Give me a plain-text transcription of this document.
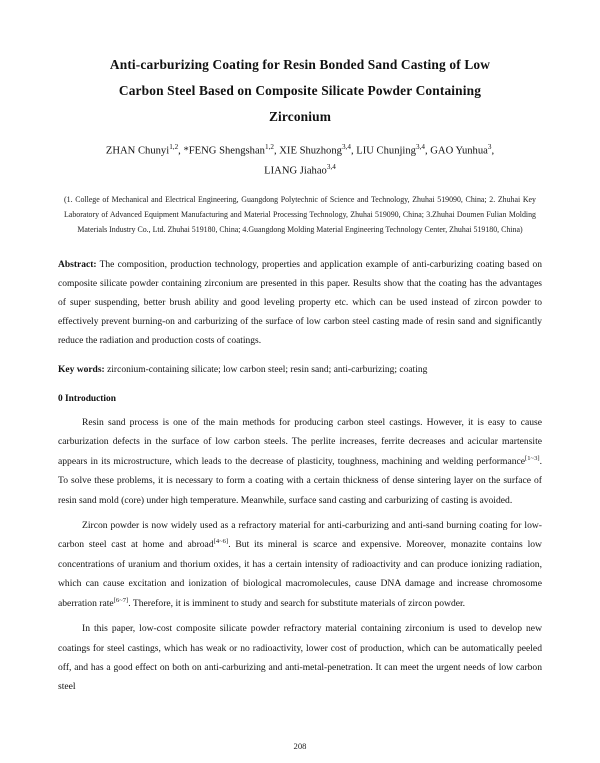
Anti-carburizing Coating for Resin Bonded Sand Casting of Low
Carbon Steel Based on Composite Silicate Powder Containing
Zirconium
ZHAN Chunyi$^{1,2}$, *FENG Shengshan$^{1,2}$, XIE Shuzhong$^{3,4}$, LIU Chunjing$^{3,4}$, GAO Yunhua$^3$,
LIANG Jiahao$^{3,4}$
(1. College of Mechanical and Electrical Engineering, Guangdong Polytechnic of Science and Technology, Zhuhai 519090, China; 2. Zhuhai Key Laboratory of Advanced Equipment Manufacturing and Material Processing Technology, Zhuhai 519090, China; 3.Zhuhai Doumen Fulian Molding Materials Industry Co., Ltd. Zhuhai 519180, China; 4.Guangdong Molding Material Engineering Technology Center, Zhuhai 519180, China)
Abstract: The composition, production technology, properties and application example of anti-carburizing coating based on composite silicate powder containing zirconium are presented in this paper. Results show that the coating has the advantages of super suspending, better brush ability and good leveling property etc. which can be used instead of zircon powder to effectively prevent burning-on and carburizing of the surface of low carbon steel casting made of resin sand and significantly reduce the radiation and production costs of coatings.
Key words: zirconium-containing silicate; low carbon steel; resin sand; anti-carburizing; coating
0 Introduction
Resin sand process is one of the main methods for producing carbon steel castings. However, it is easy to cause carburization defects in the surface of low carbon steels. The perlite increases, ferrite decreases and acicular martensite appears in its microstructure, which leads to the decrease of plasticity, toughness, machining and welding performance[1~3]. To solve these problems, it is necessary to form a coating with a certain thickness of dense sintering layer on the surface of resin sand mold (core) under high temperature. Meanwhile, surface sand casting and carburizing of casting is avoided.
Zircon powder is now widely used as a refractory material for anti-carburizing and anti-sand burning coating for low-carbon steel cast at home and abroad[4~6]. But its mineral is scarce and expensive. Moreover, monazite contains low concentrations of uranium and thorium oxides, it has a certain intensity of radioactivity and can produce ionizing radiation, which can cause excitation and ionization of biological macromolecules, cause DNA damage and increase chromosome aberration rate[6~7]. Therefore, it is imminent to study and search for substitute materials of zircon powder.
In this paper, low-cost composite silicate powder refractory material containing zirconium is used to develop new coatings for steel castings, which has weak or no radioactivity, lower cost of production, which can be automatically peeled off, and has a good effect on both on anti-carburizing and anti-metal-penetration. It can meet the urgent needs of low carbon steel
208
